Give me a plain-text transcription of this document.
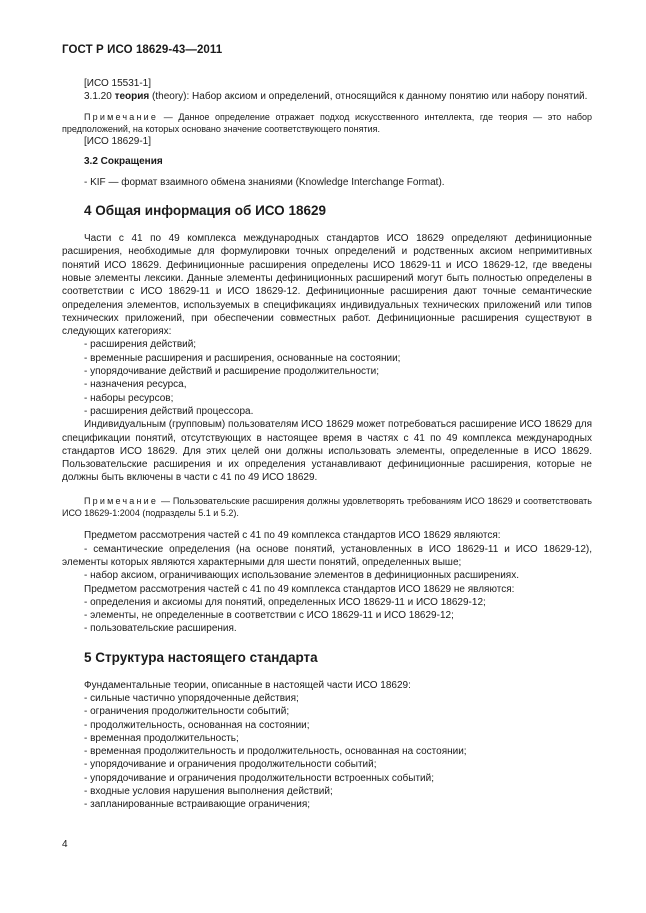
ГОСТ Р ИСО 18629-43—2011

[ИСО 15531-1]

3.1.20 теория (theory): Набор аксиом и определений, относящийся к данному понятию или набору понятий.

Примечание — Данное определение отражает подход искусственного интеллекта, где теория — это набор предположений, на которых основано значение соответствующего понятия.

[ИСО 18629-1]

3.2 Сокращения

- KIF — формат взаимного обмена знаниями (Knowledge Interchange Format).

4 Общая информация об ИСО 18629

Части с 41 по 49 комплекса международных стандартов ИСО 18629 определяют дефиниционные расширения, необходимые для формулировки точных определений и родственных аксиом непримитивных понятий ИСО 18629. Дефиниционные расширения определены ИСО 18629-11 и ИСО 18629-12, где введены новые элементы лексики. Данные элементы дефиниционных расширений могут быть полностью определены в соответствии с ИСО 18629-11 и ИСО 18629-12. Дефиниционные расширения дают точные семантические определения элементов, используемых в спецификациях индивидуальных технических приложений или типов технических приложений, при обеспечении совместных работ. Дефиниционные расширения существуют в следующих категориях:

- расширения действий;

- временные расширения и расширения, основанные на состоянии;

- упорядочивание действий и расширение продолжительности;

- назначения ресурса,

- наборы ресурсов;

- расширения действий процессора.

Индивидуальным (групповым) пользователям ИСО 18629 может потребоваться расширение ИСО 18629 для спецификации понятий, отсутствующих в настоящее время в частях с 41 по 49 комплекса международных стандартов ИСО 18629. Для этих целей они должны использовать элементы, определенные в ИСО 18629. Пользовательские расширения и их определения устанавливают дефиниционные расширения, которые не должны быть включены в части с 41 по 49 ИСО 18629.

Примечание — Пользовательские расширения должны удовлетворять требованиям ИСО 18629 и соответствовать ИСО 18629-1:2004 (подразделы 5.1 и 5.2).

Предметом рассмотрения частей с 41 по 49 комплекса стандартов ИСО 18629 являются:

- семантические определения (на основе понятий, установленных в ИСО 18629-11 и ИСО 18629-12), элементы которых являются характерными для шести понятий, определенных выше;

- набор аксиом, ограничивающих использование элементов в дефиниционных расширениях.

Предметом рассмотрения частей с 41 по 49 комплекса стандартов ИСО 18629 не являются:

- определения и аксиомы для понятий, определенных ИСО 18629-11 и ИСО 18629-12;

- элементы, не определенные в соответствии с ИСО 18629-11 и ИСО 18629-12;

- пользовательские расширения.

5 Структура настоящего стандарта

Фундаментальные теории, описанные в настоящей части ИСО 18629:

- сильные частично упорядоченные действия;

- ограничения продолжительности событий;

- продолжительность, основанная на состоянии;

- временная продолжительность;

- временная продолжительность и продолжительность, основанная на состоянии;

- упорядочивание и ограничения продолжительности событий;

- упорядочивание и ограничения продолжительности встроенных событий;

- входные условия нарушения выполнения действий;

- запланированные встраивающие ограничения;

4
